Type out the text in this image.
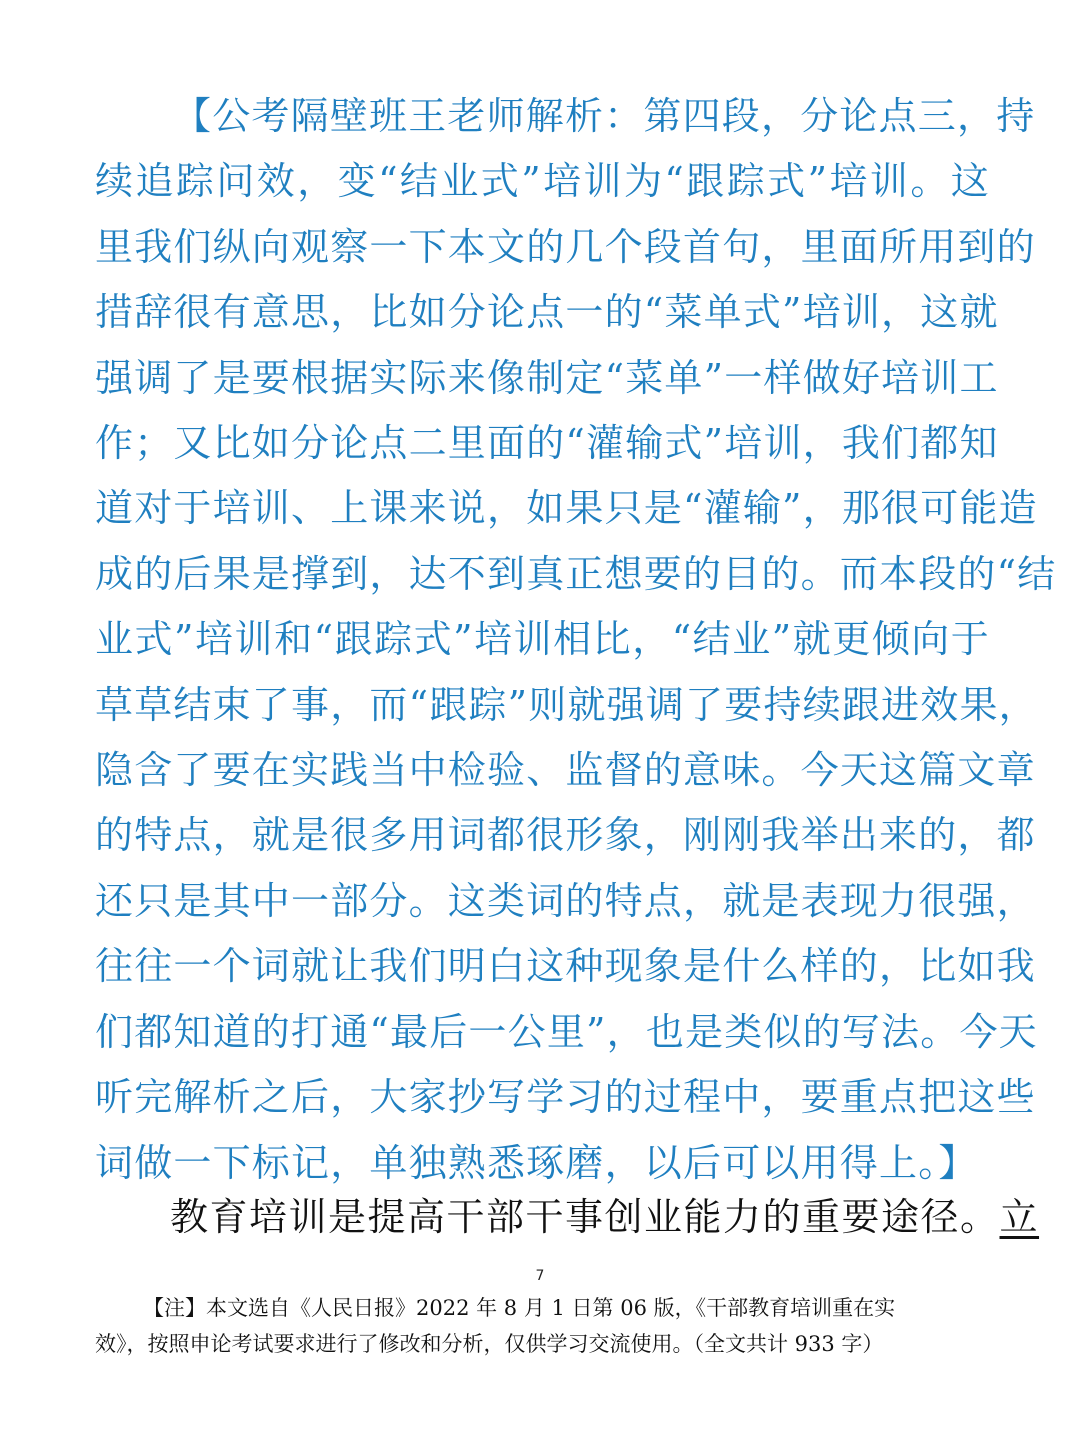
【公考隔壁班王老师解析：第四段，分论点三，持
续追踪问效，变“结业式”培训为“跟踪式”培训。这
里我们纵向观察一下本文的几个段首句，里面所用到的
措辞很有意思，比如分论点一的“菜单式”培训，这就
强调了是要根据实际来像制定“菜单”一样做好培训工
作；又比如分论点二里面的“灌输式”培训，我们都知
道对于培训、上课来说，如果只是“灌输”，那很可能造
成的后果是撑到，达不到真正想要的目的。而本段的“结
业式”培训和“跟踪式”培训相比，“结业”就更倾向于
草草结束了事，而“跟踪”则就强调了要持续跟进效果，
隐含了要在实践当中检验、监督的意味。今天这篇文章
的特点，就是很多用词都很形象，刚刚我举出来的，都
还只是其中一部分。这类词的特点，就是表现力很强，
往往一个词就让我们明白这种现象是什么样的，比如我
们都知道的打通“最后一公里”，也是类似的写法。今天
听完解析之后，大家抄写学习的过程中，要重点把这些
词做一下标记，单独熟悉琢磨，以后可以用得上。】
教育培训是提高干部干事创业能力的重要途径。立
7
【注】本文选自《人民日报》2022 年 8 月 1 日第 06 版，《干部教育培训重在实
效》，按照申论考试要求进行了修改和分析，仅供学习交流使用。（全文共计 933 字）
